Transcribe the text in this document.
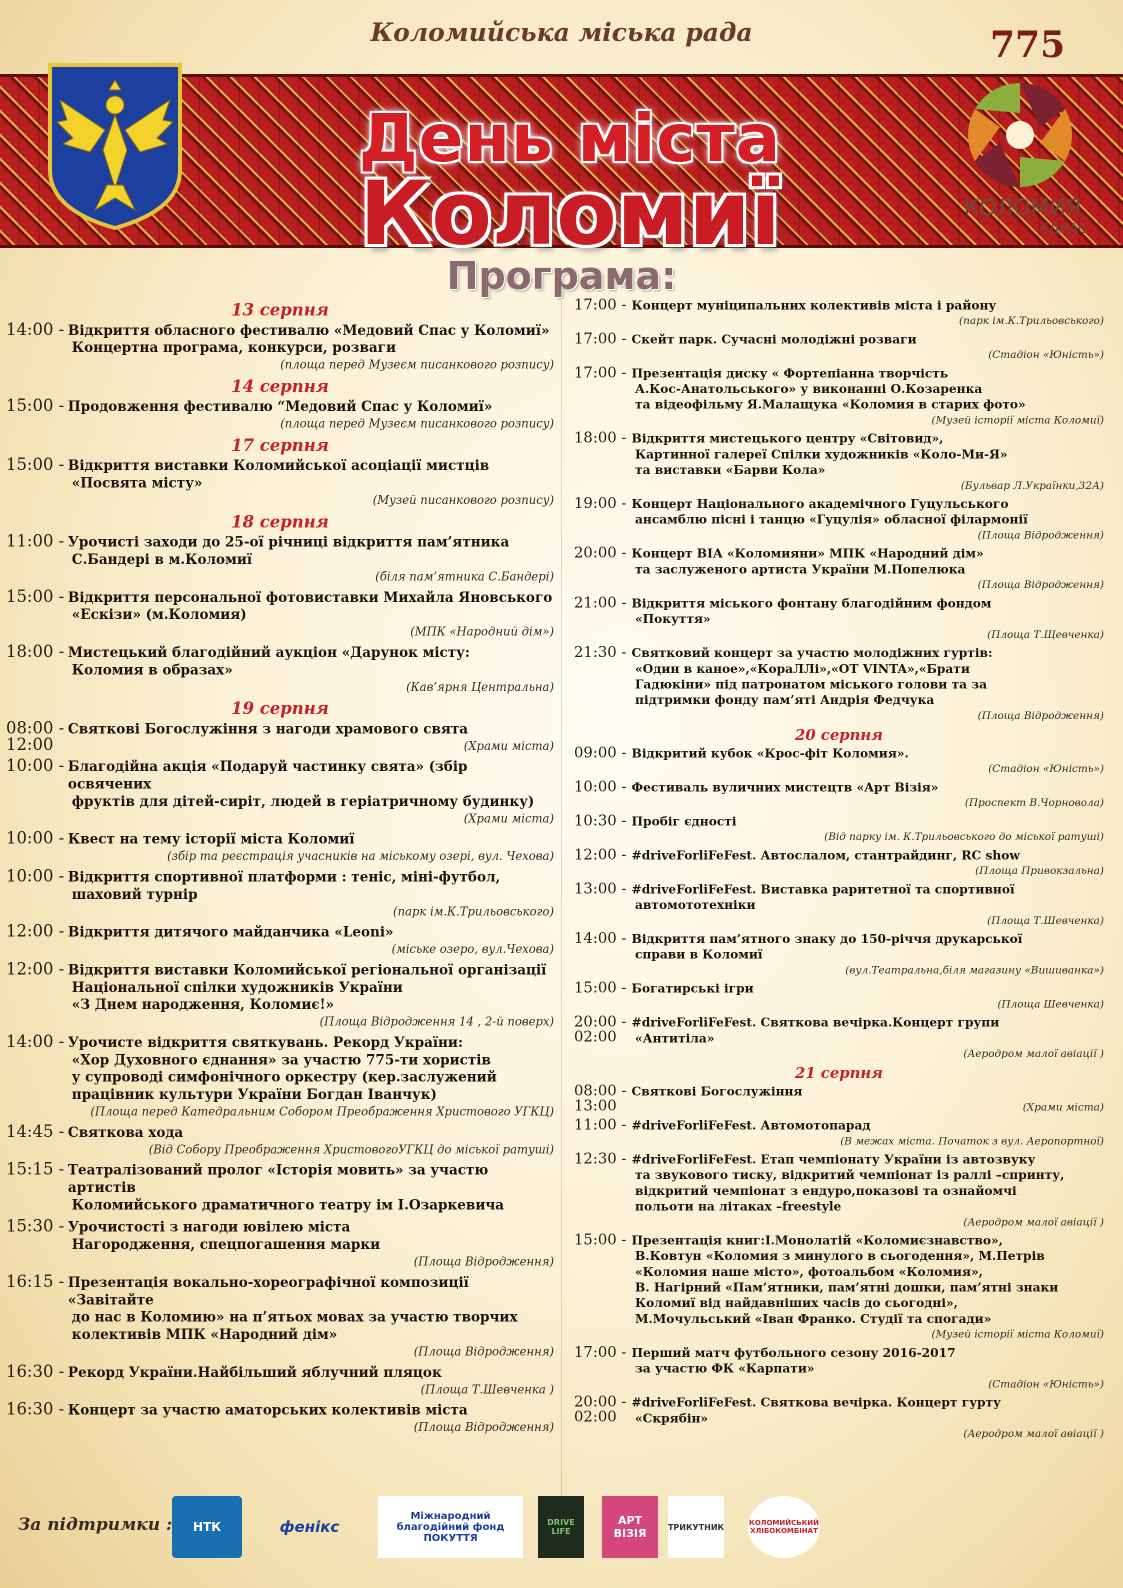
Коломийська міська рада
День міста
Коломиї
Програма:
775
КОЛОМИЯ
ЄДНАЄ
13 серпня
14:00 - Відкриття обласного фестивалю «Медовий Спас у Коломиї»
Концертна програма, конкурси, розваги
(площа перед Музеєм писанкового розпису)
14 серпня
15:00 - Продовження фестивалю “Медовий Спас у Коломиї»
(площа перед Музеєм писанкового розпису)
17 серпня
15:00 - Відкриття виставки Коломийської асоціації мистців
«Посвята місту»
(Музей писанкового розпису)
18 серпня
11:00 - Урочисті заходи до 25-ої річниці відкриття пам’ятника
С.Бандері в м.Коломиї
(біля пам’ятника С.Бандері)
15:00 - Відкриття персональної фотовиставки Михайла Яновського
«Ескізи» (м.Коломия)
(МПК «Народний дім»)
18:00 - Мистецький благодійний аукціон «Дарунок місту:
Коломия в образах»
(Кав’ярня Центральна)
19 серпня
08:00 -
12:00
Святкові Богослужіння з нагоди храмового свята
(Храми міста)
10:00 - Благодійна акція «Подаруй частинку свята» (збір освячених
фруктів для дітей-сиріт, людей в геріатричному будинку)
(Храми міста)
10:00 - Квест на тему історії міста Коломиї
(збір та реєстрація учасників на міському озері, вул. Чехова)
10:00 - Відкриття спортивної платформи : теніс, міні-футбол,
шаховий турнір
(парк ім.К.Трильовського)
12:00 - Відкриття дитячого майданчика «Leoni»
(міське озеро, вул.Чехова)
12:00 - Відкриття виставки Коломийської регіональної організації
Національної спілки художників України
«З Днем народження, Коломиє!»
(Площа Відродження 14 , 2-й поверх)
14:00 - Урочисте відкриття святкувань. Рекорд України:
«Хор Духовного єднання» за участю 775-ти хористів
у супроводі симфонічного оркестру (кер.заслужений
працівник культури України Богдан Іванчук)
(Площа перед Катедральним Собором Преображення Христового УГКЦ)
14:45 - Святкова хода
(Від Собору Преображення ХристовогоУГКЦ до міської ратуші)
15:15 - Театралізований пролог «Історія мовить» за участю артистів
Коломийського драматичного театру ім І.Озаркевича
15:30 - Урочистості з нагоди ювілею міста
Нагородження, спецпогашення марки
(Площа Відродження)
16:15 - Презентація вокально-хореографічної композиції «Завітайте
до нас в Коломию» на п’ятьох мовах за участю творчих
колективів МПК «Народний дім»
(Площа Відродження)
16:30 - Рекорд України.Найбільший яблучний пляцок
(Площа Т.Шевченка )
16:30 - Концерт за участю аматорських колективів міста
(Площа Відродження)
17:00 - Концерт муніципальних колективів міста і району
(парк ім.К.Трильовського)
17:00 - Скейт парк. Сучасні молодіжні розваги
(Стадіон «Юність»)
17:00 - Презентація диску « Фортепіанна творчість
А.Кос-Анатольського» у виконанні О.Козаренка
та відеофільму Я.Малащука «Коломия в старих фото»
(Музей історії міста Коломиї)
18:00 - Відкриття мистецького центру «Світовид»,
Картинної галереї Спілки художників «Коло-Ми-Я»
та виставки «Барви Кола»
(Бульвар Л.Українки,32А)
19:00 - Концерт Національного академічного Гуцульського
ансамблю пісні і танцю «Гуцулія» обласної філармонії
(Площа Відродження)
20:00 - Концерт ВІА «Коломияни» МПК «Народний дім»
та заслуженого артиста України М.Попелюка
(Площа Відродження)
21:00 - Відкриття міського фонтану благодійним фондом
«Покуття»
(Площа Т.Щевченка)
21:30 - Святковий концерт за участю молодіжних гуртів:
«Один в каное»,«КораЛЛі»,«ОТ VINTA»,«Брати
Гадюкіни» під патронатом міського голови та за
підтримки фонду пам’яті Андрія Федчука
(Площа Відродження)
20 серпня
09:00 - Відкритий кубок «Крос-фіт Коломия».
(Стадіон «Юність»)
10:00 - Фестиваль вуличних мистецтв «Арт Візія»
(Проспект В.Чорновола)
10:30 - Пробіг єдності
(Від парку ім. К.Трильовського до міської ратуші)
12:00 - #driveForliFeFest. Автослалом, стантрайдинг, RC show
(Площа Привокзальна)
13:00 - #driveForliFeFest. Виставка раритетної та спортивної
автомототехніки
(Площа Т.Шевченка)
14:00 - Відкриття пам’ятного знаку до 150-річчя друкарської
справи в Коломиї
(вул.Театральна,біля магазину «Вишиванка»)
15:00 - Богатирські ігри
(Площа Шевченка)
20:00 -
02:00
#driveForliFeFest. Святкова вечірка.Концерт групи
«Антитіла»
(Аеродром малої авіації )
21 серпня
08:00 -
13:00
Святкові Богослужіння
(Храми міста)
11:00 - #driveForliFeFest. Автомотопарад
(В межах міста. Початок з вул. Аеропортної)
12:30 - #driveForliFeFest. Етап чемпіонату України із автозвуку
та звукового тиску, відкритий чемпіонат із раллі –спринту,
відкритий чемпіонат з ендуро,показові та ознайомчі
польоти на літаках –freestyle
(Аеродром малої авіації )
15:00 - Презентація книг:І.Монолатій «Коломиєзнавство»,
В.Ковтун «Коломия з минулого в сьогодення», М.Петрів
«Коломия наше місто», фотоальбом «Коломия»,
В. Нагірний «Пам’ятники, пам’ятні дошки, пам’ятні знаки
Коломиї від найдавніших часів до сьогодні»,
М.Мочульський «Іван Франко. Студії та спогади»
(Музей історії міста Коломиї)
17:00 - Перший матч футбольного сезону 2016-2017
за участю ФК «Карпати»
(Стадіон «Юність»)
20:00 -
02:00
#driveForliFeFest. Святкова вечірка. Концерт гурту
«Скрябін»
(Аеродром малої авіації )
За підтримки :	НТК	фенікс
Міжнародний благодійний фонд ПОКУТТЯ
DRIVE LIFE
АРТ ВІЗІЯ	ТРИКУТНИК	КОЛОМИЙСЬКИЙ ХЛІБОКОМБІНАТ
